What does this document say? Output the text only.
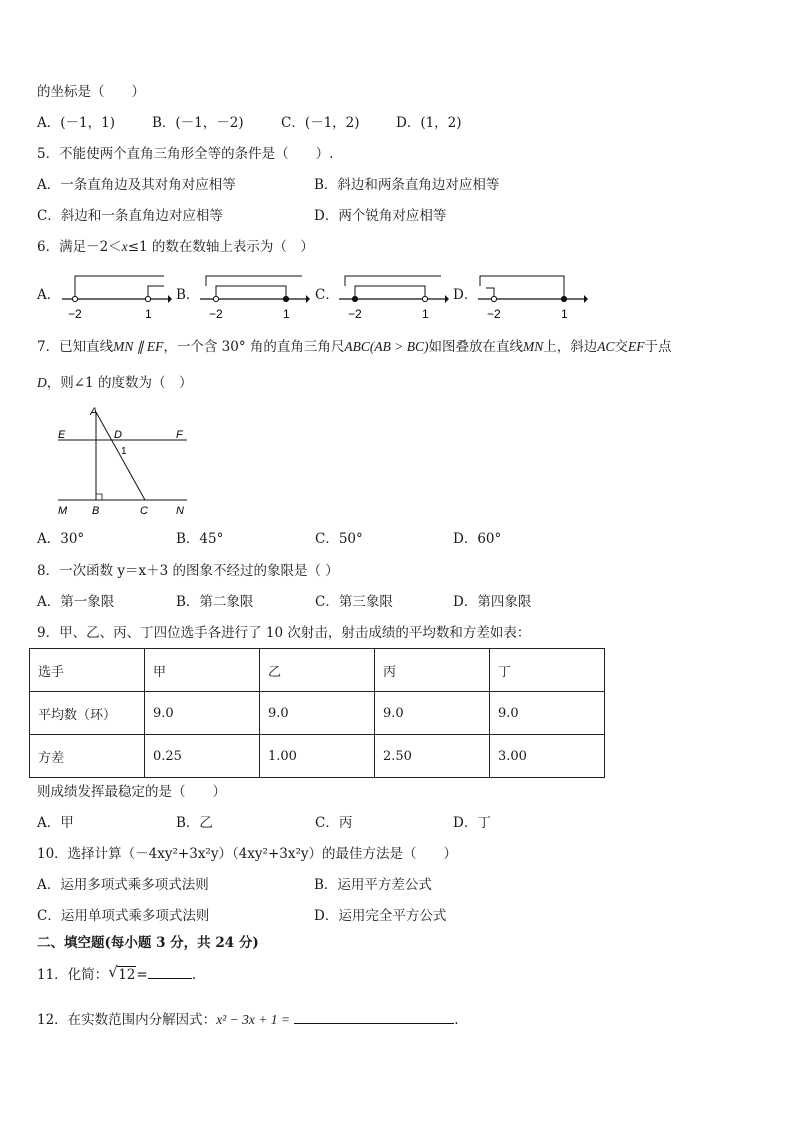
的坐标是（　　）
A．(－1，1)	B．(－1，－2)	C．(－1，2)	D．(1，2)
5．不能使两个直角三角形全等的条件是（　　）.
A．一条直角边及其对角对应相等	B．斜边和两条直角边对应相等
C．斜边和一条直角边对应相等	D．两个锐角对应相等
6．满足－2＜x≤1 的数在数轴上表示为（　）
A．	B．	C．	D．
−2	1	−2	1	−2	1	−2	1
7．已知直线MN ∥ EF，一个含 30° 角的直角三角尺ABC(AB > BC)如图叠放在直线MN上，斜边AC交EF于点
D，则∠1 的度数为（　）
A
E	D	F
1
M B	C	N
A．30°	B．45°	C．50°	D．60°
8．一次函数 y＝x＋3 的图象不经过的象限是（ ）
A．第一象限	B．第二象限	C．第三象限	D．第四象限
9．甲、乙、丙、丁四位选手各进行了 10 次射击，射击成绩的平均数和方差如表：
选手	甲	乙	丙	丁
平均数（环）	9.0	9.0	9.0	9.0
方差	0.25	1.00	2.50	3.00
则成绩发挥最稳定的是（　　）
A．甲	B．乙	C．丙	D．丁
10．选择计算（－4xy²+3x²y）（4xy²+3x²y）的最佳方法是（　　）
A．运用多项式乘多项式法则	B．运用平方差公式
C．运用单项式乘多项式法则	D．运用完全平方公式
二、填空题(每小题 3 分，共 24 分)
11．化简： √ 12=	.
12．在实数范围内分解因式：x² − 3x + 1 =	.
